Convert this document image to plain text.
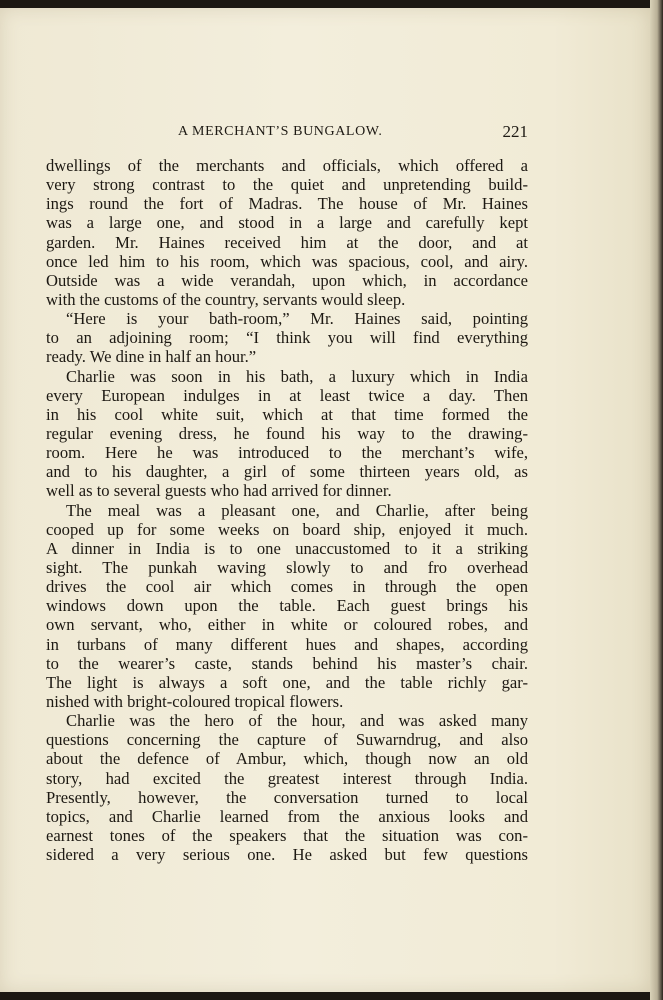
A MERCHANT’S BUNGALOW.	221
dwellings of the merchants and officials, which offered a
very strong contrast to the quiet and unpretending build-
ings round the fort of Madras. The house of Mr. Haines
was a large one, and stood in a large and carefully kept
garden. Mr. Haines received him at the door, and at
once led him to his room, which was spacious, cool, and airy.
Outside was a wide verandah, upon which, in accordance
with the customs of the country, servants would sleep.
“Here is your bath-room,” Mr. Haines said, pointing
to an adjoining room; “I think you will find everything
ready. We dine in half an hour.”
Charlie was soon in his bath, a luxury which in India
every European indulges in at least twice a day. Then
in his cool white suit, which at that time formed the
regular evening dress, he found his way to the drawing-
room. Here he was introduced to the merchant’s wife,
and to his daughter, a girl of some thirteen years old, as
well as to several guests who had arrived for dinner.
The meal was a pleasant one, and Charlie, after being
cooped up for some weeks on board ship, enjoyed it much.
A dinner in India is to one unaccustomed to it a striking
sight. The punkah waving slowly to and fro overhead
drives the cool air which comes in through the open
windows down upon the table. Each guest brings his
own servant, who, either in white or coloured robes, and
in turbans of many different hues and shapes, according
to the wearer’s caste, stands behind his master’s chair.
The light is always a soft one, and the table richly gar-
nished with bright-coloured tropical flowers.
Charlie was the hero of the hour, and was asked many
questions concerning the capture of Suwarndrug, and also
about the defence of Ambur, which, though now an old
story, had excited the greatest interest through India.
Presently, however, the conversation turned to local
topics, and Charlie learned from the anxious looks and
earnest tones of the speakers that the situation was con-
sidered a very serious one. He asked but few questions
